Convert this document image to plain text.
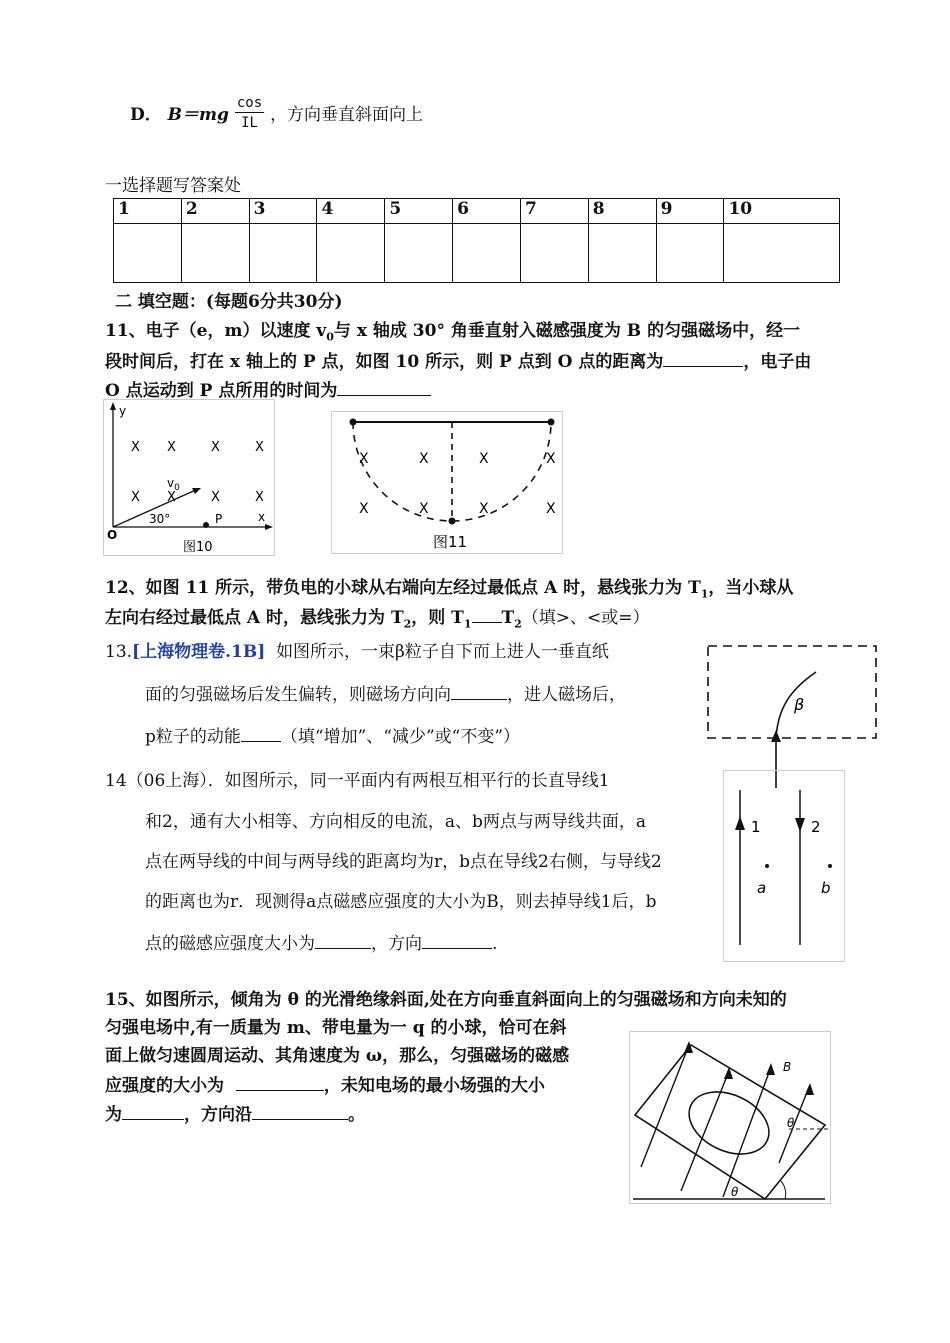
D． $B=mg \frac{\cos}{IL}$ ，方向垂直斜面向上
一选择题写答案处
1	2	3	4	5	6	7	8	9	10

二 填空题：(每题6分共30分)
11、电子（e，m）以速度 $v_0$与 x 轴成 30° 角垂直射入磁感强度为 B 的匀强磁场中，经一
段时间后，打在 x 轴上的 P 点，如图 10 所示，则 P 点到 O 点的距离为	，电子由
O 点运动到 P 点所用的时间为
y
x
O
X X	X	X
X X	X	X
$v_0$
30°	P
图10
X	X	X	X
X	X	X	X
图11
12、如图 11 所示，带负电的小球从右端向左经过最低点 A 时，悬线张力为 $T_1$，当小球从
左向右经过最低点 A 时，悬线张力为 $T_2$，则 $T_1$ $T_2$（填>、<或=）
13.[上海物理卷.1B] 如图所示，一束β粒子自下而上进人一垂直纸
面的匀强磁场后发生偏转，则磁场方向向	，进人磁场后，
p粒子的动能 （填“增加”、“减少”或“不变”）
β
14（06上海）．如图所示，同一平面内有两根互相平行的长直导线1
和2，通有大小相等、方向相反的电流，a、b两点与两导线共面，a
点在两导线的中间与两导线的距离均为r，b点在导线2右侧，与导线2
的距离也为r．现测得a点磁感应强度的大小为B，则去掉导线1后，b
点的磁感应强度大小为	，方向	.
1	2
a	b
15、如图所示，倾角为 θ 的光滑绝缘斜面,处在方向垂直斜面向上的匀强磁场和方向未知的
匀强电场中,有一质量为 m、带电量为一 q 的小球，恰可在斜
面上做匀速圆周运动、其角速度为 ω，那么，匀强磁场的磁感
应强度的大小为	，未知电场的最小场强的大小
为	，方向沿	。
B
θ
θ
